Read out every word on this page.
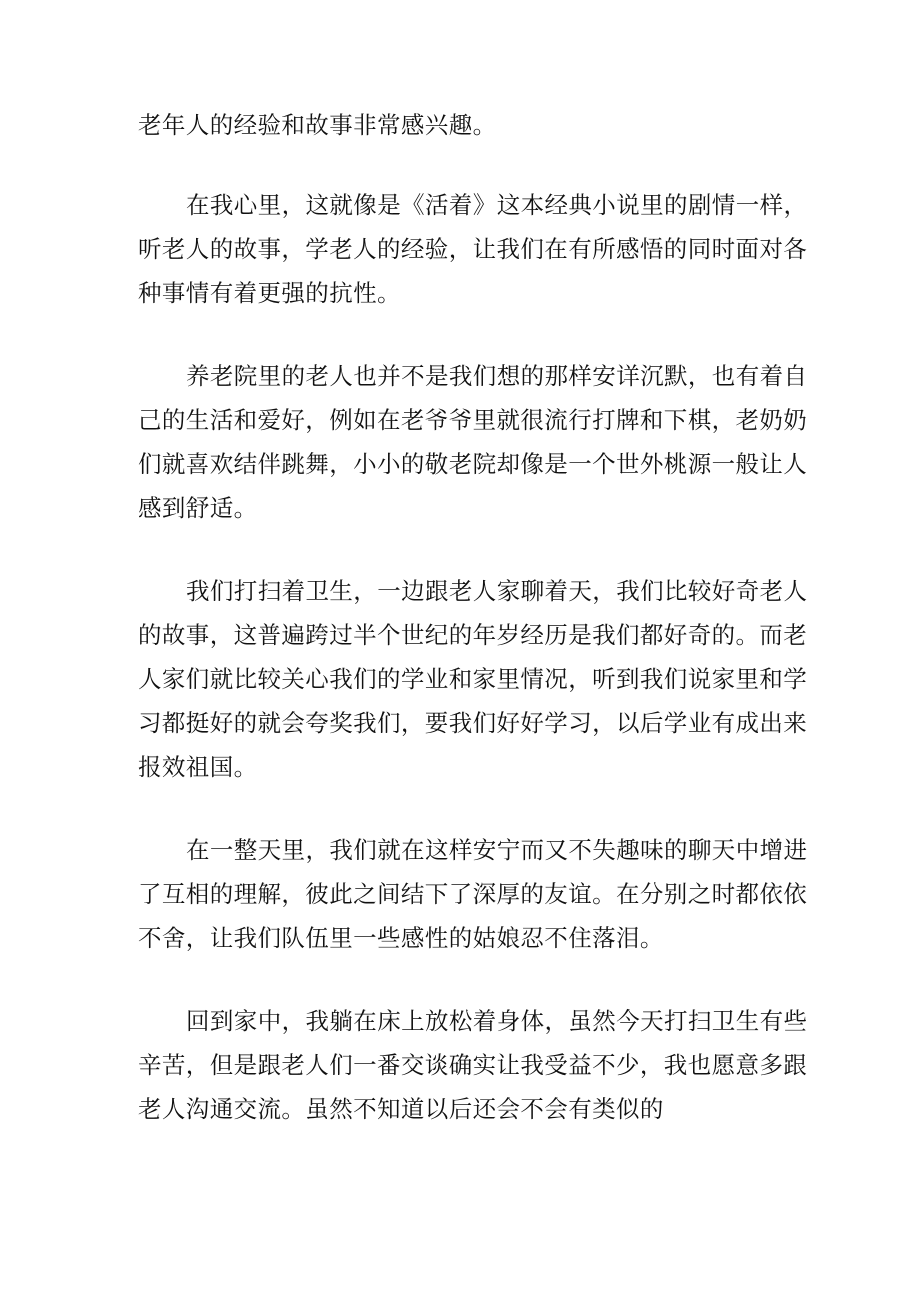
老年人的经验和故事非常感兴趣。

在我心里，这就像是《活着》这本经典小说里的剧情一样，

听老人的故事，学老人的经验，让我们在有所感悟的同时面对各

种事情有着更强的抗性。

养老院里的老人也并不是我们想的那样安详沉默，也有着自

己的生活和爱好，例如在老爷爷里就很流行打牌和下棋，老奶奶

们就喜欢结伴跳舞，小小的敬老院却像是一个世外桃源一般让人

感到舒适。

我们打扫着卫生，一边跟老人家聊着天，我们比较好奇老人

的故事，这普遍跨过半个世纪的年岁经历是我们都好奇的。而老

人家们就比较关心我们的学业和家里情况，听到我们说家里和学

习都挺好的就会夸奖我们，要我们好好学习，以后学业有成出来

报效祖国。

在一整天里，我们就在这样安宁而又不失趣味的聊天中增进

了互相的理解，彼此之间结下了深厚的友谊。在分别之时都依依

不舍，让我们队伍里一些感性的姑娘忍不住落泪。

回到家中，我躺在床上放松着身体，虽然今天打扫卫生有些

辛苦，但是跟老人们一番交谈确实让我受益不少，我也愿意多跟

老人沟通交流。虽然不知道以后还会不会有类似的
